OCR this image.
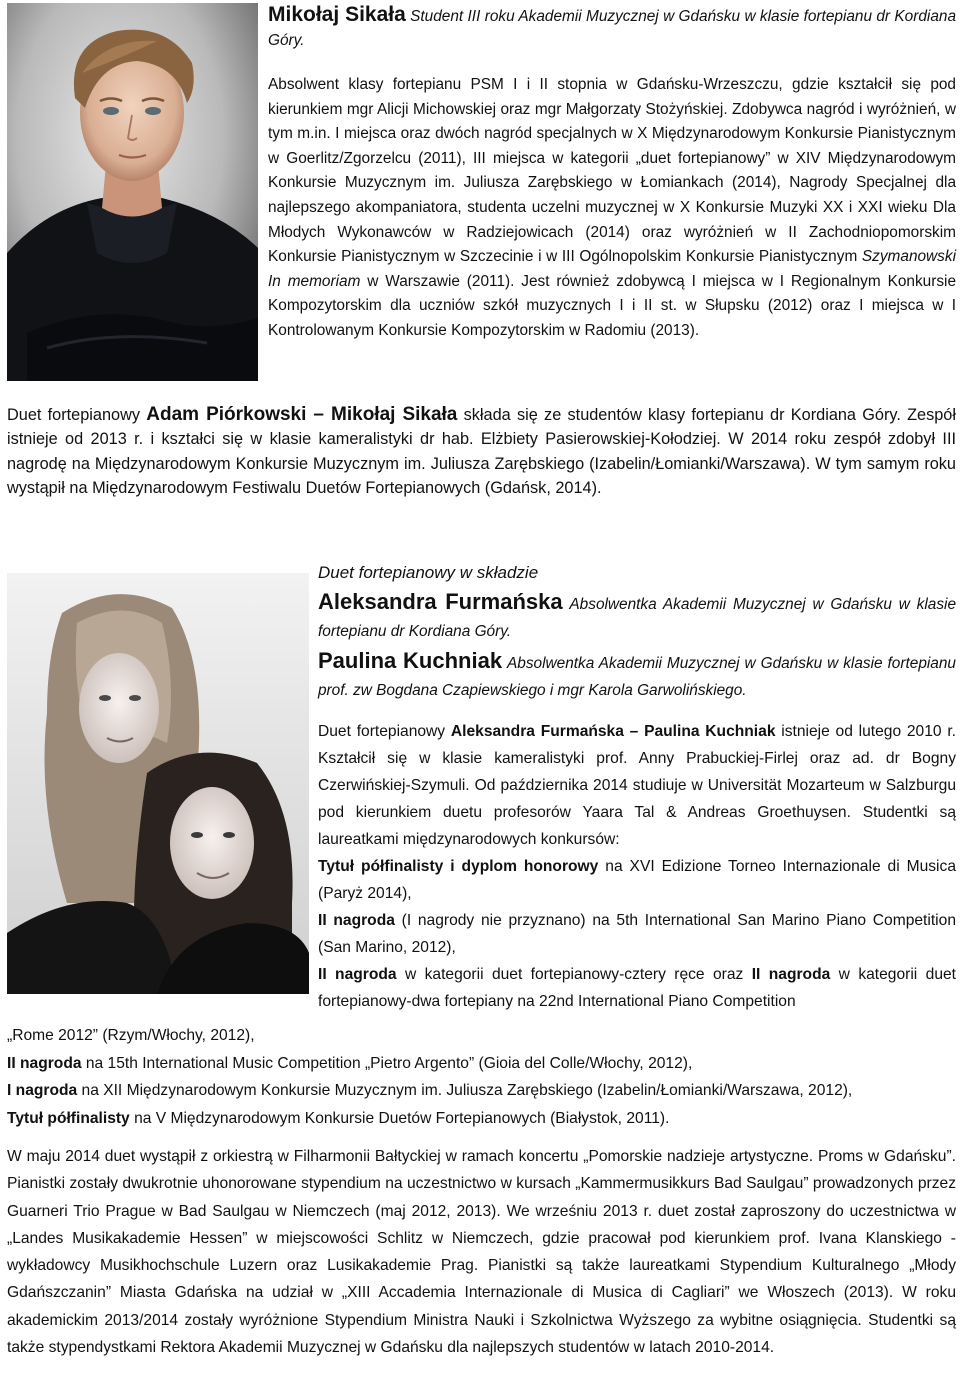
Mikołaj Sikała Student III roku Akademii Muzycznej w Gdańsku w klasie fortepianu dr Kordiana Góry.

Absolwent klasy fortepianu PSM I i II stopnia w Gdańsku-Wrzeszczu, gdzie kształcił się pod kierunkiem mgr Alicji Michowskiej oraz mgr Małgorzaty Stożyńskiej. Zdobywca nagród i wyróżnień, w tym m.in. I miejsca oraz dwóch nagród specjalnych w X Międzynarodowym Konkursie Pianistycznym w Goerlitz/Zgorzelcu (2011), III miejsca w kategorii „duet fortepianowy” w XIV Międzynarodowym Konkursie Muzycznym im. Juliusza Zarębskiego w Łomiankach (2014), Nagrody Specjalnej dla najlepszego akompaniatora, studenta uczelni muzycznej w X Konkursie Muzyki XX i XXI wieku Dla Młodych Wykonawców w Radziejowicach (2014) oraz wyróżnień w II Zachodniopomorskim Konkursie Pianistycznym w Szczecinie i w III Ogólnopolskim Konkursie Pianistycznym Szymanowski In memoriam w Warszawie (2011). Jest również zdobywcą I miejsca w I Regionalnym Konkursie Kompozytorskim dla uczniów szkół muzycznych I i II st. w Słupsku (2012) oraz I miejsca w I Kontrolowanym Konkursie Kompozytorskim w Radomiu (2013).

Duet fortepianowy Adam Piórkowski – Mikołaj Sikała składa się ze studentów klasy fortepianu dr Kordiana Góry. Zespół istnieje od 2013 r. i kształci się w klasie kameralistyki dr hab. Elżbiety Pasierowskiej-Kołodziej. W 2014 roku zespół zdobył III nagrodę na Międzynarodowym Konkursie Muzycznym im. Juliusza Zarębskiego (Izabelin/Łomianki/Warszawa). W tym samym roku wystąpił na Międzynarodowym Festiwalu Duetów Fortepianowych (Gdańsk, 2014).

Duet fortepianowy w składzie

Aleksandra Furmańska Absolwentka Akademii Muzycznej w Gdańsku w klasie fortepianu dr Kordiana Góry.

Paulina Kuchniak Absolwentka Akademii Muzycznej w Gdańsku w klasie fortepianu prof. zw Bogdana Czapiewskiego i mgr Karola Garwolińskiego.

Duet fortepianowy Aleksandra Furmańska – Paulina Kuchniak istnieje od lutego 2010 r. Kształcił się w klasie kameralistyki prof. Anny Prabuckiej-Firlej oraz ad. dr Bogny Czerwińskiej-Szymuli. Od października 2014 studiuje w Universität Mozarteum w Salzburgu pod kierunkiem duetu profesorów Yaara Tal & Andreas Groethuysen. Studentki są laureatkami międzynarodowych konkursów:

Tytuł półfinalisty i dyplom honorowy na XVI Edizione Torneo Internazionale di Musica (Paryż 2014),

II nagroda (I nagrody nie przyznano) na 5th International San Marino Piano Competition (San Marino, 2012),

II nagroda w kategorii duet fortepianowy-cztery ręce oraz II nagroda w kategorii duet fortepianowy-dwa fortepiany na 22nd International Piano Competition

„Rome 2012” (Rzym/Włochy, 2012),

II nagroda na 15th International Music Competition „Pietro Argento” (Gioia del Colle/Włochy, 2012),

I nagroda na XII Międzynarodowym Konkursie Muzycznym im. Juliusza Zarębskiego (Izabelin/Łomianki/Warszawa, 2012),

Tytuł półfinalisty na V Międzynarodowym Konkursie Duetów Fortepianowych (Białystok, 2011).

W maju 2014 duet wystąpił z orkiestrą w Filharmonii Bałtyckiej w ramach koncertu „Pomorskie nadzieje artystyczne. Proms w Gdańsku”. Pianistki zostały dwukrotnie uhonorowane stypendium na uczestnictwo w kursach „Kammermusikkurs Bad Saulgau” prowadzonych przez Guarneri Trio Prague w Bad Saulgau w Niemczech (maj 2012, 2013). We wrześniu 2013 r. duet został zaproszony do uczestnictwa w „Landes Musikakademie Hessen” w miejscowości Schlitz w Niemczech, gdzie pracował pod kierunkiem prof. Ivana Klanskiego - wykładowcy Musikhochschule Luzern oraz Lusikakademie Prag. Pianistki są także laureatkami Stypendium Kulturalnego „Młody Gdańszczanin” Miasta Gdańska na udział w „XIII Accademia Internazionale di Musica di Cagliari” we Włoszech (2013). W roku akademickim 2013/2014 zostały wyróżnione Stypendium Ministra Nauki i Szkolnictwa Wyższego za wybitne osiągnięcia. Studentki są także stypendystkami Rektora Akademii Muzycznej w Gdańsku dla najlepszych studentów w latach 2010-2014.
